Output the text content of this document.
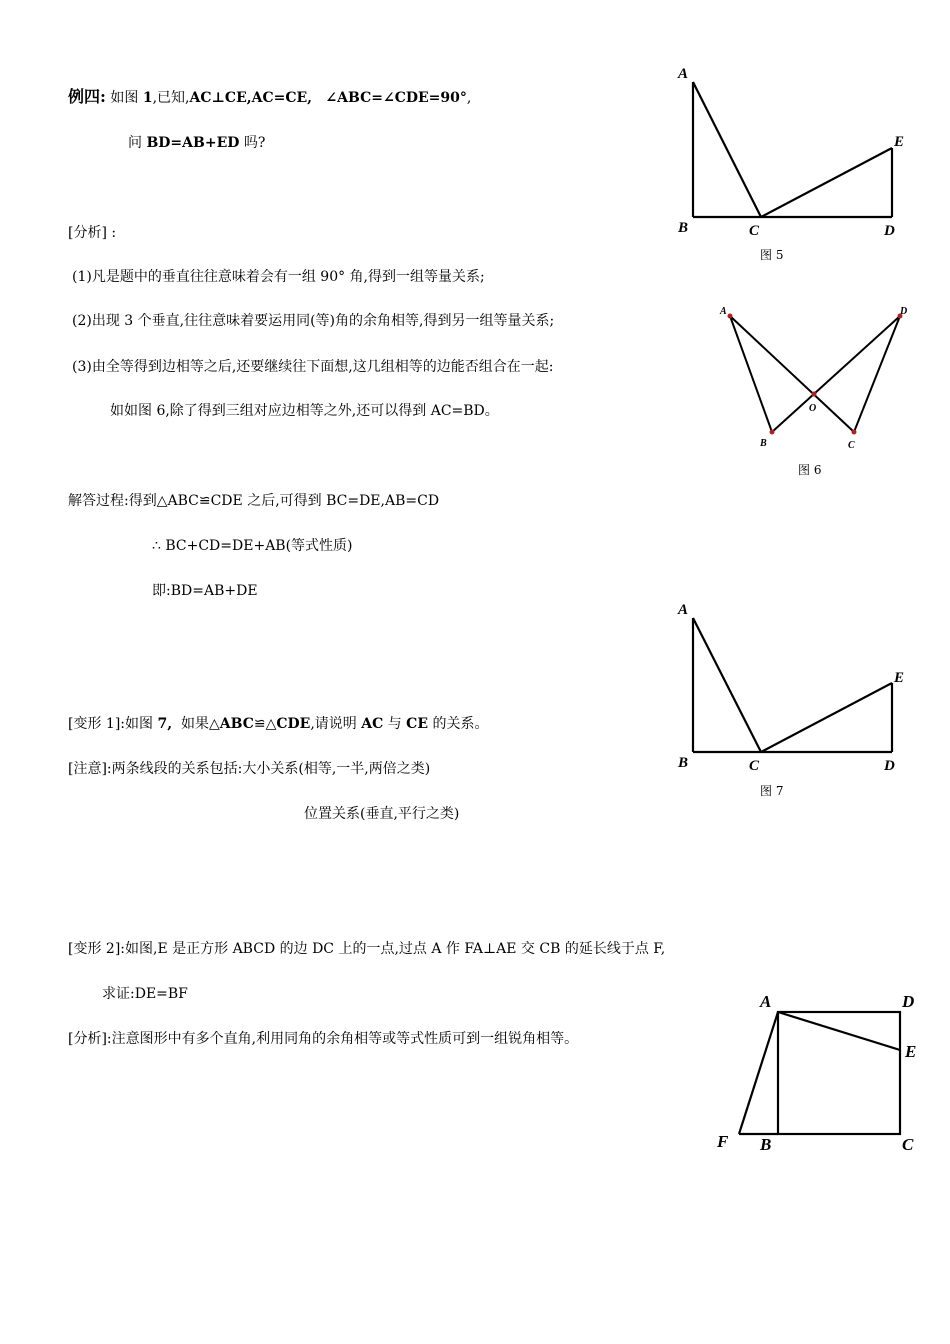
例四: 如图 1,已知,AC⊥CE,AC=CE, ∠ABC=∠CDE=90°,
问 BD=AB+ED 吗?
[分析] :
(1)凡是题中的垂直往往意味着会有一组 90° 角,得到一组等量关系;
(2)出现 3 个垂直,往往意味着要运用同(等)角的余角相等,得到另一组等量关系;
(3)由全等得到边相等之后,还要继续往下面想,这几组相等的边能否组合在一起:
如如图 6,除了得到三组对应边相等之外,还可以得到 AC=BD。
解答过程:得到△ABC≌CDE 之后,可得到 BC=DE,AB=CD
∴ BC+CD=DE+AB(等式性质)
即:BD=AB+DE
[变形 1]:如图 7, 如果△ABC≌△CDE,请说明 AC 与 CE 的关系。
[注意]:两条线段的关系包括:大小关系(相等,一半,两倍之类)
位置关系(垂直,平行之类)
[变形 2]:如图,E 是正方形 ABCD 的边 DC 上的一点,过点 A 作 FA⊥AE 交 CB 的延长线于点 F,
求证:DE=BF
[分析]:注意图形中有多个直角,利用同角的余角相等或等式性质可到一组锐角相等。
A
B	C	D
E
图 5
A	D
O
B	C
图 6
A
B	C	D
E
图 7
A	D
E
F B	C
